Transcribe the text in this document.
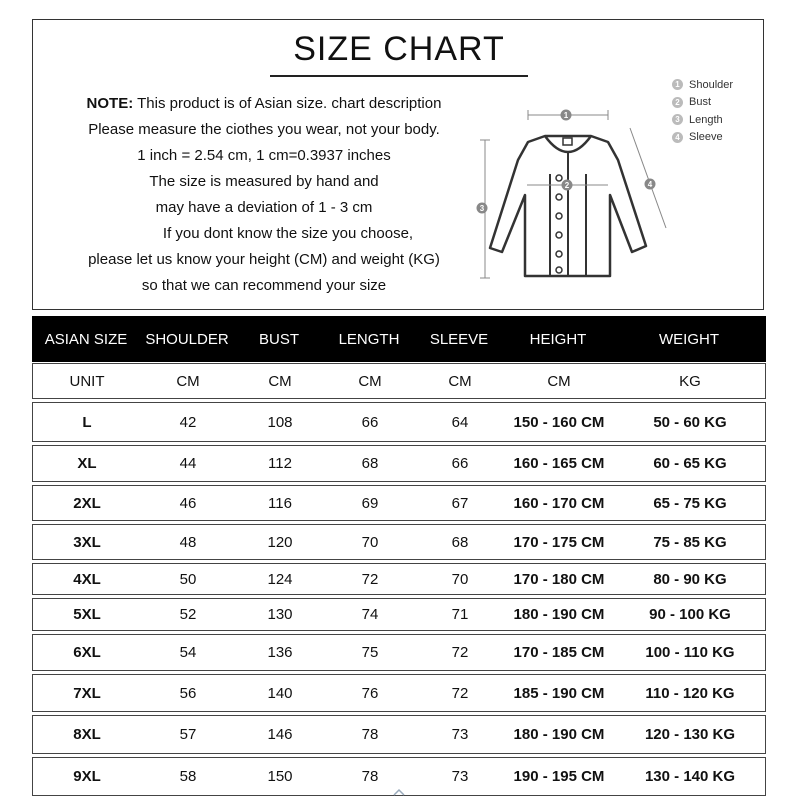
SIZE CHART
NOTE: This product is of Asian size. chart description
Please measure the ciothes you wear, not your body.
1 inch = 2.54 cm, 1 cm=0.3937 inches
The size is measured by hand and
may have a deviation of 1 - 3 cm
If you dont know the size you choose,
please let us know your height (CM) and weight (KG)
so that we can recommend your size
1 Shoulder
2 Bust
3 Length
4 Sleeve
1
3
4
2
ASIAN SIZE	SHOULDER	BUST	LENGTH	SLEEVE	HEIGHT	WEIGHT
UNIT	CM	CM	CM	CM	CM	KG
L	42	108	66	64	150 - 160 CM	50 - 60 KG
XL	44	112	68	66	160 - 165 CM	60 - 65 KG
2XL	46	116	69	67	160 - 170 CM	65 - 75 KG
3XL	48	120	70	68	170 - 175 CM	75 - 85 KG
4XL	50	124	72	70	170 - 180 CM	80 - 90 KG
5XL	52	130	74	71	180 - 190 CM	90 - 100 KG
6XL	54	136	75	72	170 - 185 CM	100 - 110 KG
7XL	56	140	76	72	185 - 190 CM	110 - 120 KG
8XL	57	146	78	73	180 - 190 CM	120 - 130 KG
9XL	58	150	78	73	190 - 195 CM	130 - 140 KG
